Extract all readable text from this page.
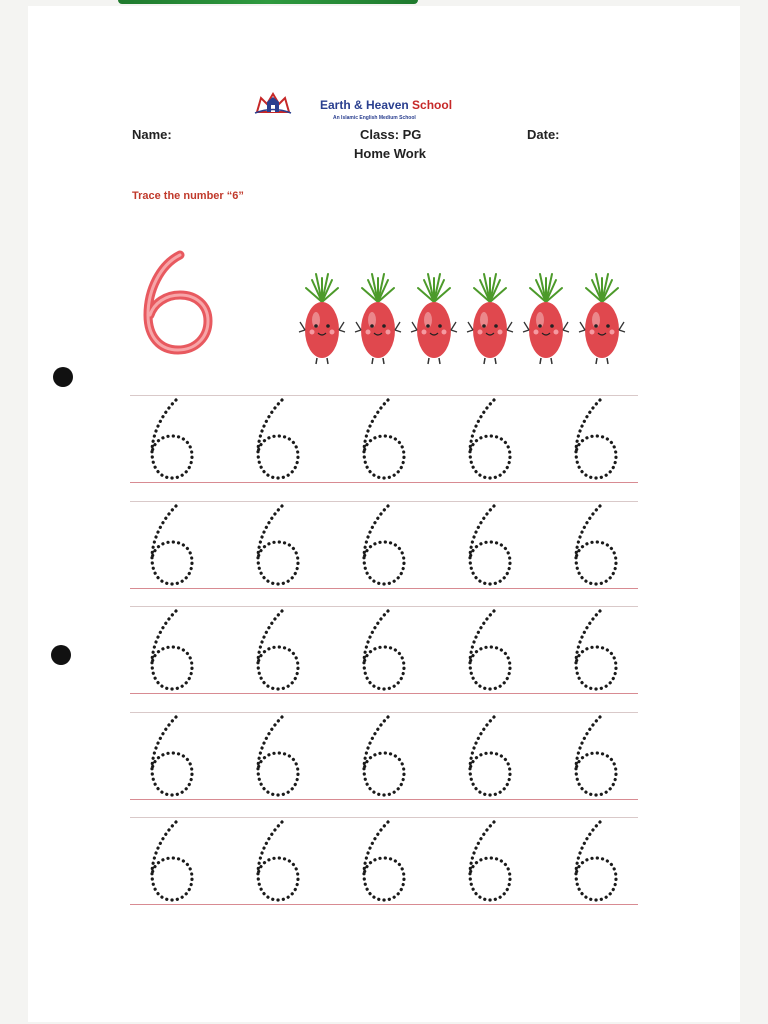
Earth & Heaven School
An Islamic English Medium School
Name:	Class: PG	Date:
Home Work
Trace the number “6”
